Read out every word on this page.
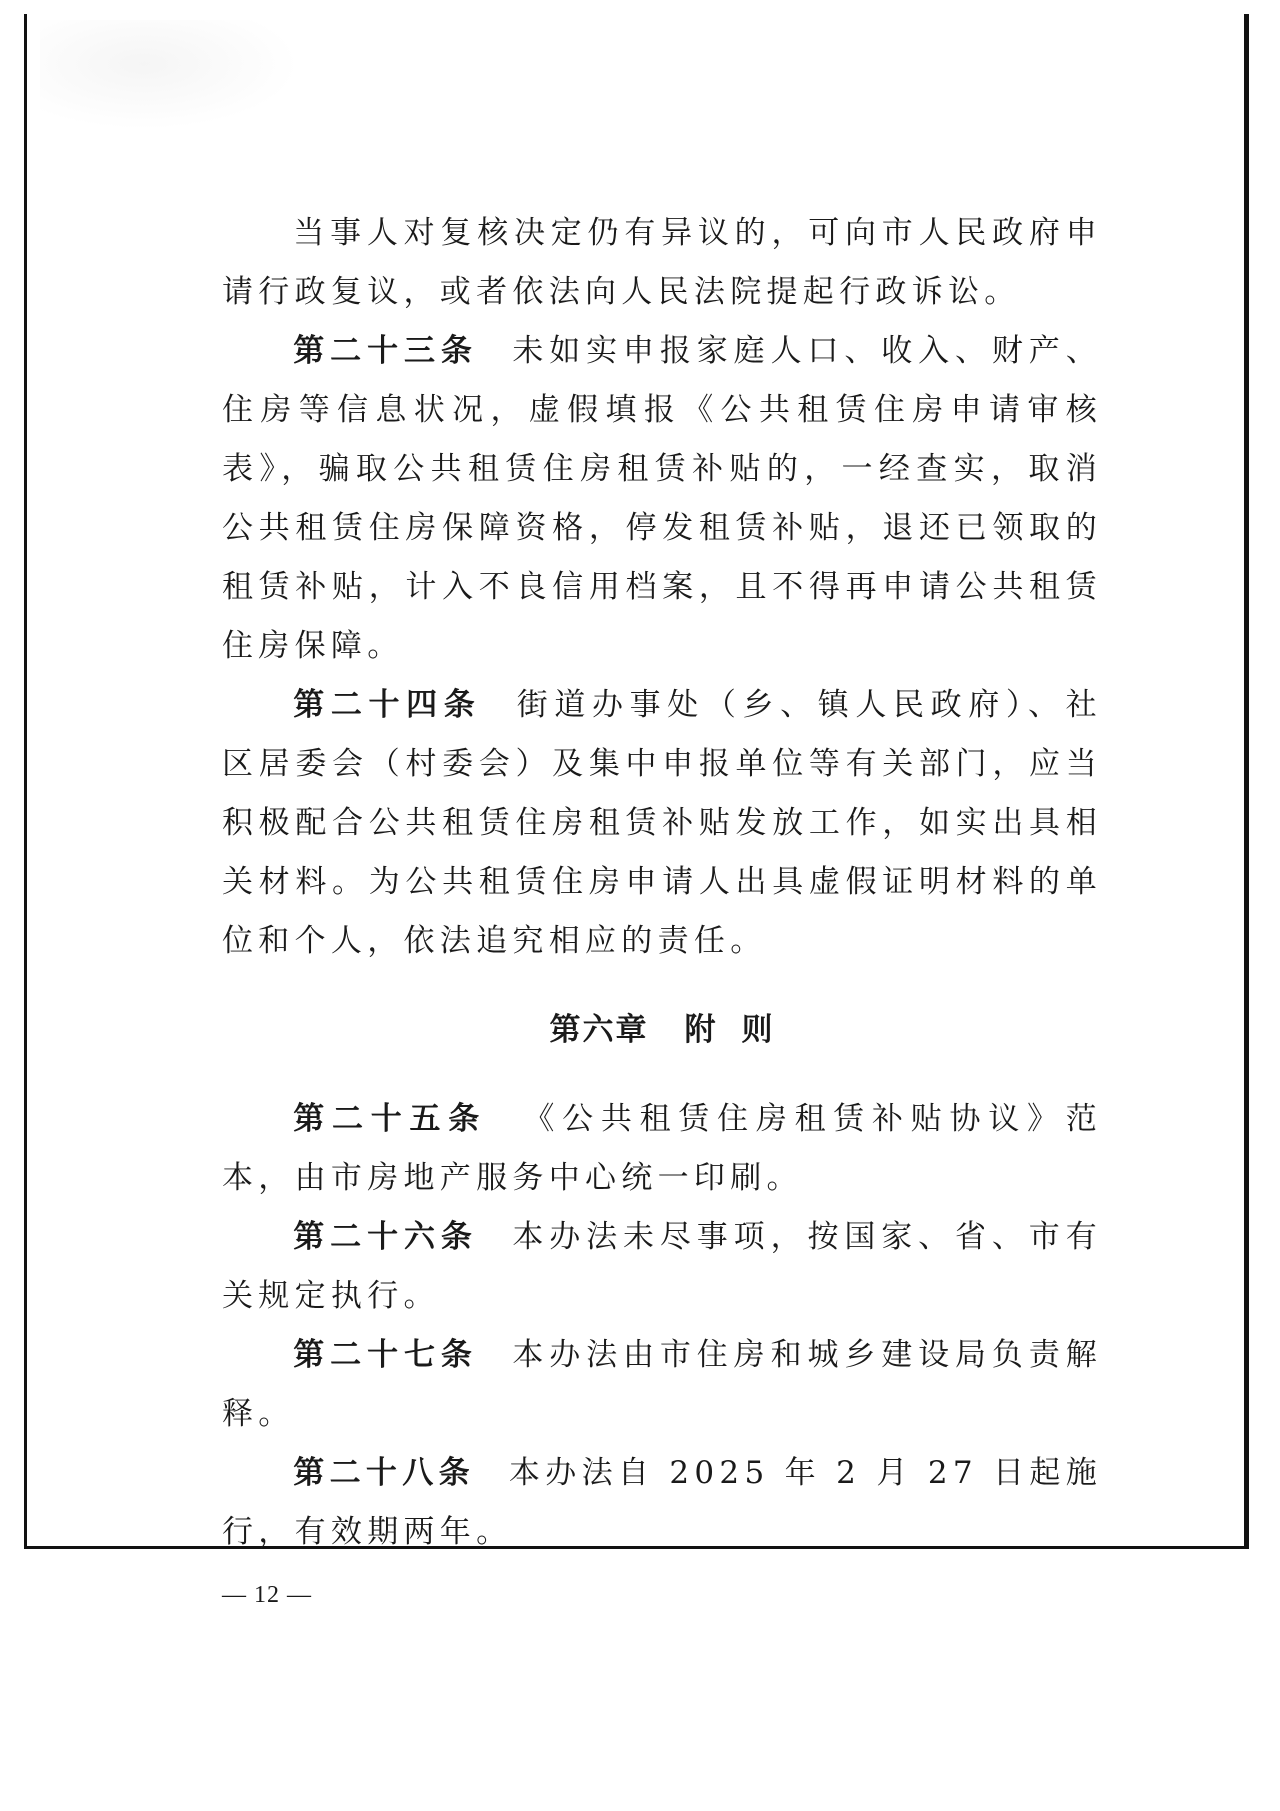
当事人对复核决定仍有异议的，可向市人民政府申请行政复议，或者依法向人民法院提起行政诉讼。

第二十三条 未如实申报家庭人口、收入、财产、住房等信息状况，虚假填报《公共租赁住房申请审核表》，骗取公共租赁住房租赁补贴的，一经查实，取消公共租赁住房保障资格，停发租赁补贴，退还已领取的租赁补贴，计入不良信用档案，且不得再申请公共租赁住房保障。

第二十四条 街道办事处（乡、镇人民政府）、社区居委会（村委会）及集中申报单位等有关部门，应当积极配合公共租赁住房租赁补贴发放工作，如实出具相关材料。为公共租赁住房申请人出具虚假证明材料的单位和个人，依法追究相应的责任。

第六章 附 则

第二十五条 《公共租赁住房租赁补贴协议》范本，由市房地产服务中心统一印刷。

第二十六条 本办法未尽事项，按国家、省、市有关规定执行。

第二十七条 本办法由市住房和城乡建设局负责解释。

第二十八条 本办法自 2025 年 2 月 27 日起施行，有效期两年。

— 12 —
